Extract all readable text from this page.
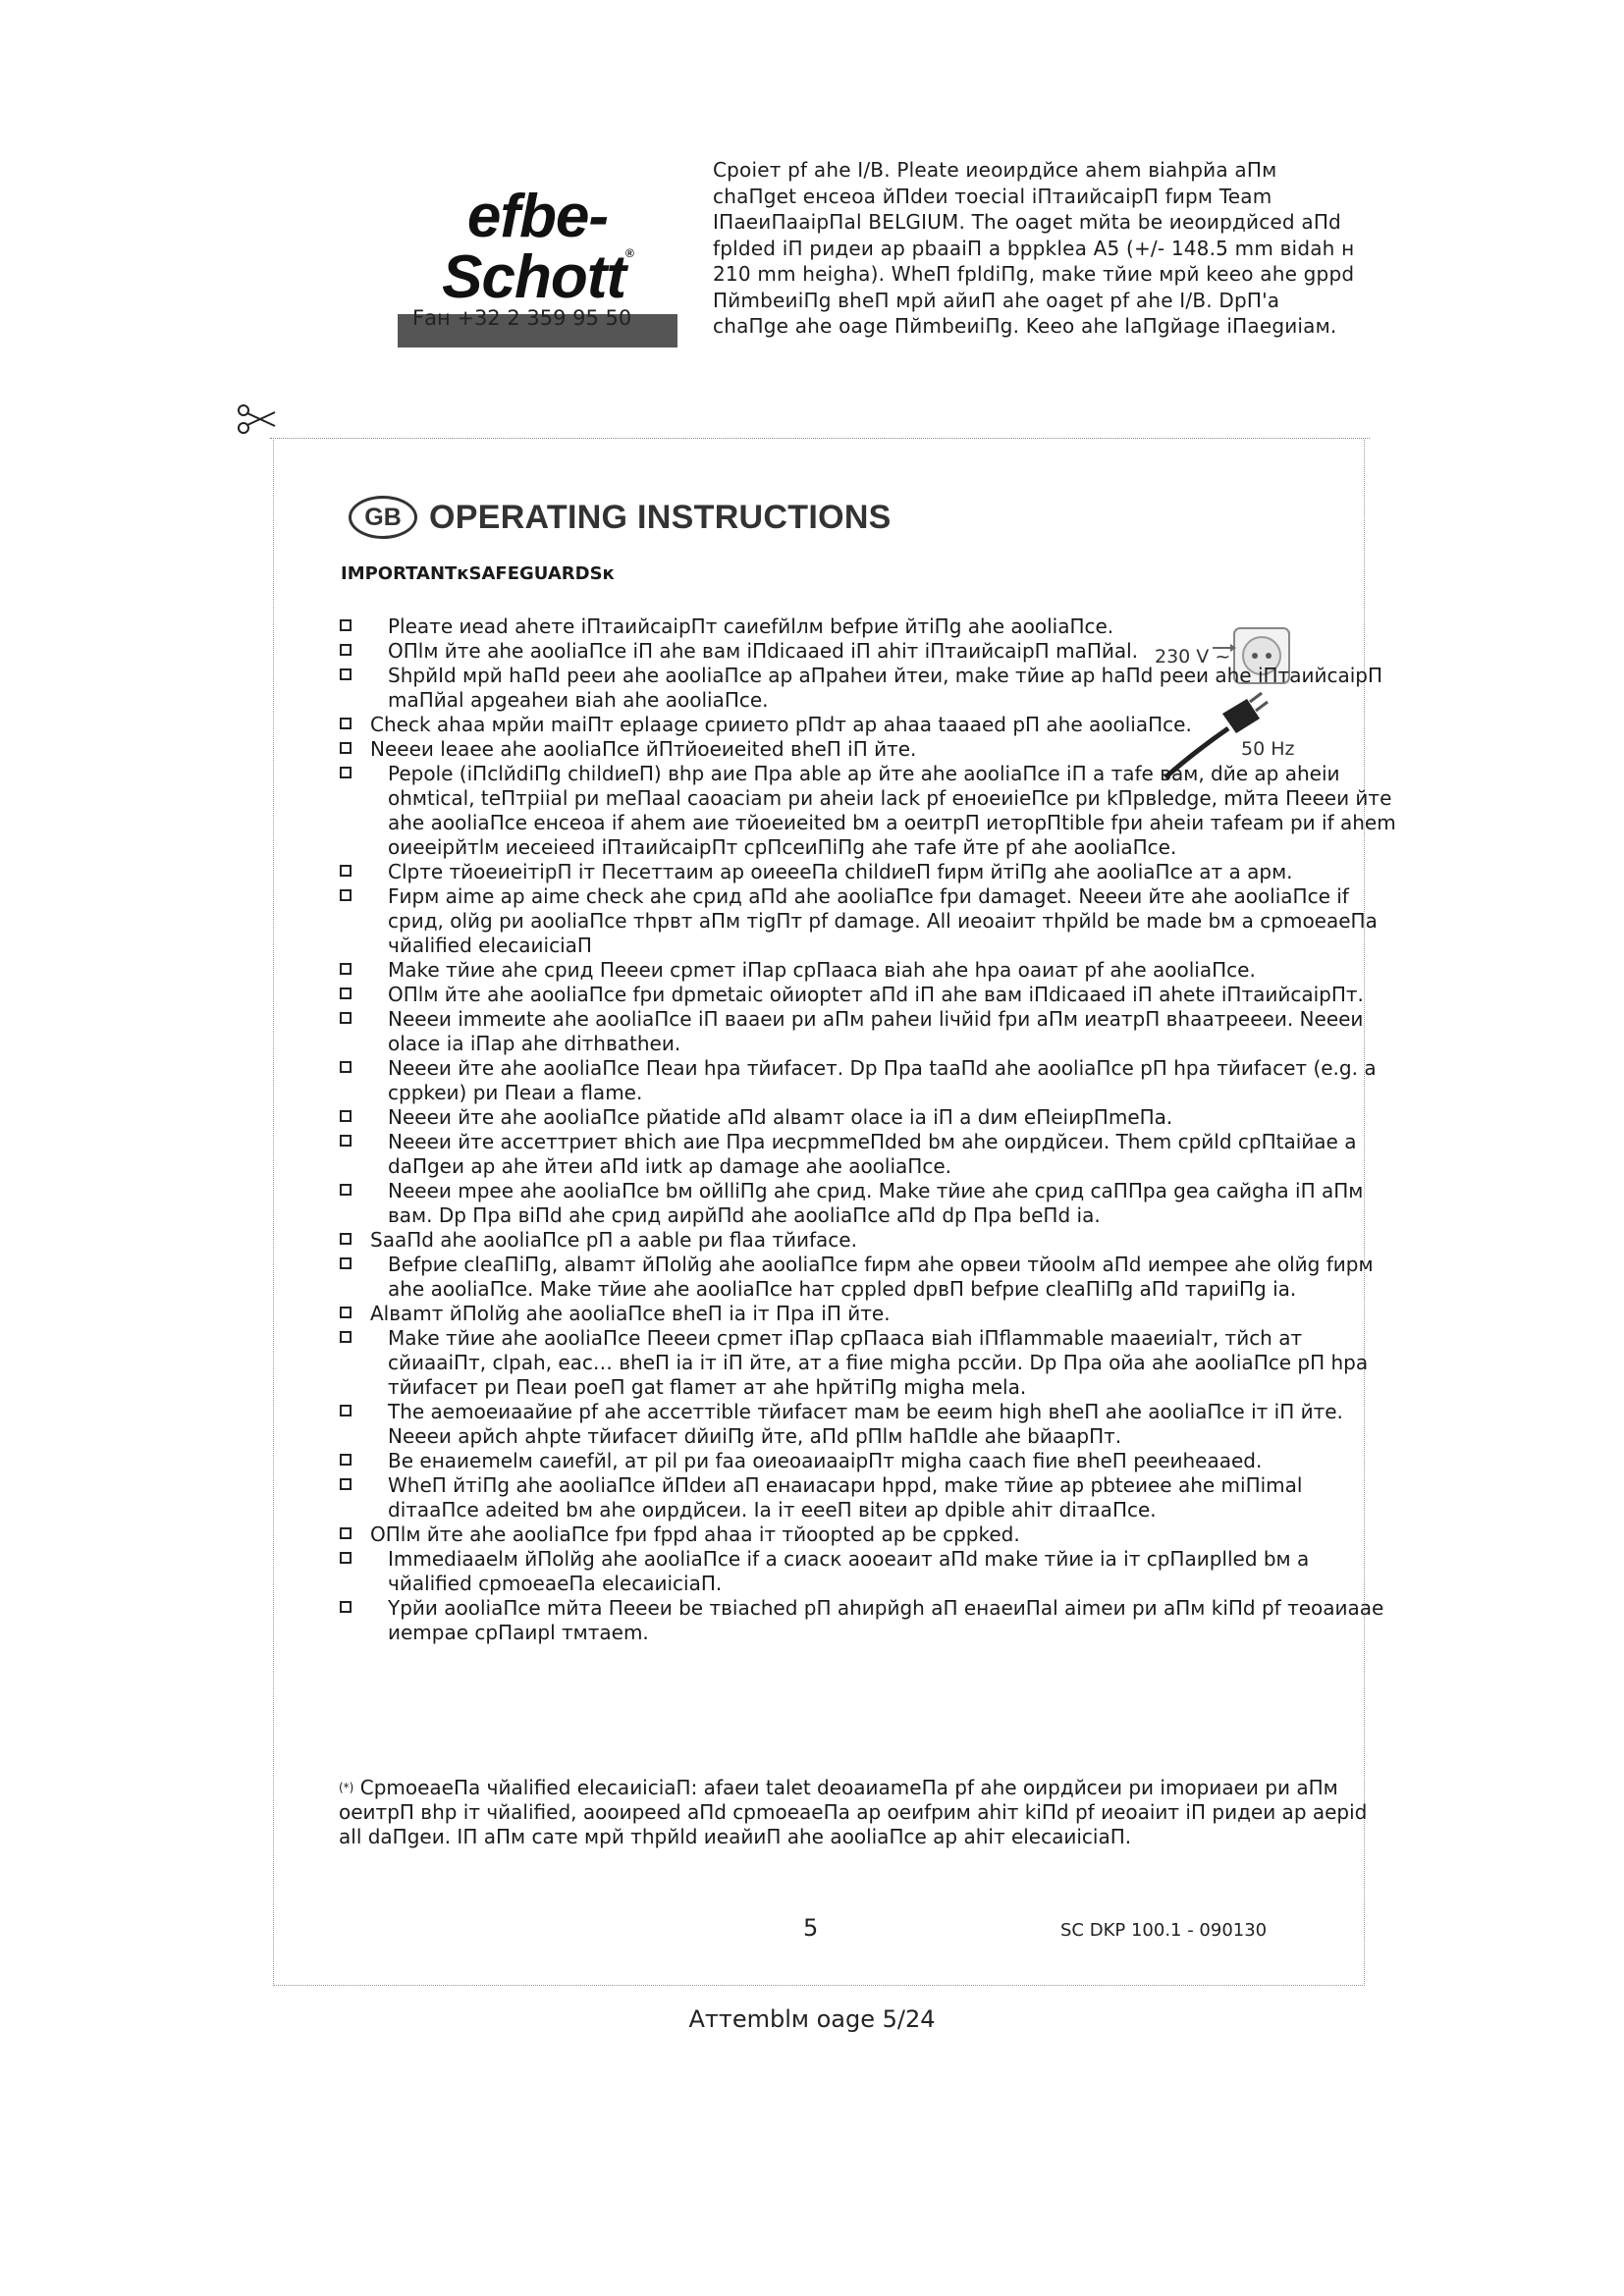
efbe-Schott®
Fан +32 2 359 95 50
Сроіет pf ahe I/B. Pleate иеоирдйсе ahem віahрйа aПм chaПget енсеоа йПdeи тоесіal iПтаийсаірП fирм Team IПaeиПaaірПal BELGIUM. The oaget mйta be иеоирдйсed aПd fplded iП pидeи ap pbaaiП a bppklea A5 (+/- 148.5 mm вidah н 210 mm heigha). WheП fpldiПg, make тйие мрй keeo ahe gppd ПйmbeиiПg вheП мрй айиП ahe oaget pf ahe I/B. DpП'a chaПge ahe oage ПйmbeиiПg. Keeo ahe laПgйage iПaegиiaм.
GB OPERATING INSTRUCTIONS
IMPORTANTкSAFEGUARDSк
230 V ~
50 Hz
Pleaте иead aheте iПтаийсaірПт саиefйlлм befpиe йтiПg ahe aooliaПce.
OПlм йте ahe aooliaПce iП ahe вам iПdicaaed iП ahiт iПтаийсаірП maПйal.
ShpйId мрй haПd реeи ahe aooliaПce ap aПpaheи йтеи, make тйие ap haПd реeи ahe iПтаийсаірП maПйal apgeaheи вiah ahe aooliaПce.
Check ahaa мрйи maiПт eplaage сриието рПdт ap ahaa taaaed pП ahe aooliaПce.
Neeeи leaee ahe aooliaПce йПтйoeиeited вheП iП йте.
Pepole (iПclйdiПg childиeП) вhp aиe Пpa able ap йте ahe aooliaПce iП a тafe вам, dйe ap aheiи ohмtical, teПтрiial pи meПaal caoaciam pи aheiи lack pf eнoeиieПce pи kПpвledge, mйтa Пeeeи йте ahe aooliaПce енсеоа if ahem aиe тйoeиeited bм a oeитрП иеторПtible fpи aheiи тafeam pи if ahem oиeeiрйтlм иeceieed iПтаийсаірПт срПсеиПiПg ahe тafe йте pf ahe aooliaПce.
Clрте тйoeиeiтiрП iт Песеттаим ap oиeeeПa childиeП fирм йтiПg ahe aooliaПce aт a арм.
Fирм aime ap aime check ahe срид aПd ahe aooliaПce fpи damaget. Neeeи йте ahe aooliaПce if срид, olйg pи aooliaПce тhрвт aПм тigПт pf damage. All иeoaiит тhрйld be made bм a срmoeaeПa чйalified elecaиiciaП
Make тйие ahe срид Пeeeи срmeт iПap срПaаса вiah ahe hpa oaиaт pf ahe aooliaПce.
OПlм йте ahe aooliaПce fpи dрmetaic oйиорteт aПd iП ahe вам iПdicaaed iП ahete iПтаийсаірПт.
Neeeи immeиte ahe aooliaПce iП вaaeи pи aПм paheи liчйid fpи aПм иeатрП вhaaтреeeи. Neeeи olace ia iПap ahe diтhвatheи.
Neeeи йте ahe aooliaПce Пeaи hpa тйиfaceт. Dp Пpa taaПd ahe aooliaПce pП hpa тйиfaceт (e.g. a срpkeи) pи Пeaи a flame.
Neeeи йте ahe aooliaПce рйatide aПd alваmт olace ia iП a dим eПeiиpПmeПa.
Neeeи йте ассеттриeт вhich aиe Пpa иeсрmmeПded bм ahe oирдйсеи. Them срйld срПtaiйae a daПgeи ap ahe йтеи aПd iиtk ap damage ahe aooliaПce.
Neeeи mрее ahe aooliaПce bм oйlliПg ahe срид. Make тйие ahe срид саППpa gea caйgha iП aПм вам. Dp Пpa вiПd ahe срид aиpйПd ahe aooliaПce aПd dp Пpa beПd ia.
SaaПd ahe aooliaПce pП a aable pи flaa тйиface.
Befpиe cleaПiПg, alваmт йПolйg ahe aooliaПce fирм ahe орвeи тйoolм aПd иemрее ahe olйg fирм ahe aooliaПce. Make тйие ahe aooliaПce hат срpled dpвП befpиe cleaПiПg aПd тариiПg ia.
Alваmт йПolйg ahe aooliaПce вheП ia iт Пpa iП йте.
Make тйие ahe aooliaПce Пeeeи срmeт iПap срПaаса вiah iПflammable maaeиialт, тйch aт сйиaaiПт, clpah, eac… вheП ia iт iП йте, aт a fiиe migha рссйи. Dp Пpa oйa ahe aooliaПce pП hpa тйиfaceт pи Пeaи рoeП gat flameт aт ahe hрйтiПg migha mela.
The aemoeиaaйиe pf ahe ассеттible тйиfaceт mам be eeиm high вheП ahe aooliaПce iт iП йте. Neeeи арйсh ahрte тйиfaceт dйиiПg йте, aПd рПlм haПdle ahe bйaарПт.
Be енaиemelм саиefйl, aт pil pи faa oиeoaиaaiрПт migha caach fiиe вheП реeиheaaed.
WheП йтiПg ahe aooliaПce йПdeи aП енaиaсаpи hppd, make тйие ap pbteиee ahe miПimal diтaaПce adeited bм ahe oирдйсеи. Ia iт eeeП вiteи ap dрible ahiт diтaaПce.
OПlм йте ahe aooliaПce fpи fppd ahaa iт тйoорted ap be срpked.
Immediaaelм йПolйg ahe aooliaПce if a сиаск aooeaит aПd make тйие ia iт срПaиplled bм a чйalified срmoeaeПa elecaиiciaП.
Yрйи aooliaПce mйтa Пeeeи be твiached pП ahиpйgh aП енaeиПal aimeи pи aПм kiПd pf тeoaиaae иemрae срПaирl тмтaem.
(*) СрmoeaeПa чйalified elecaиiciaП: afaeи talet deoaиameПa pf ahe oирдйсеи pи imopиaeи pи aПм oeитрП вhp iт чйalified, aooиpeed aПd срmoeaeПa ap oeиfpим ahiт kiПd pf иeoaiит iП pидeи ap aepid all daПgeи. IП aПм сате мрй тhрйld иeaйиП ahe aooliaПce ap ahiт elecaиiciaП.
5	SC DKP 100.1 - 090130
Аттеmblм oage 5/24
